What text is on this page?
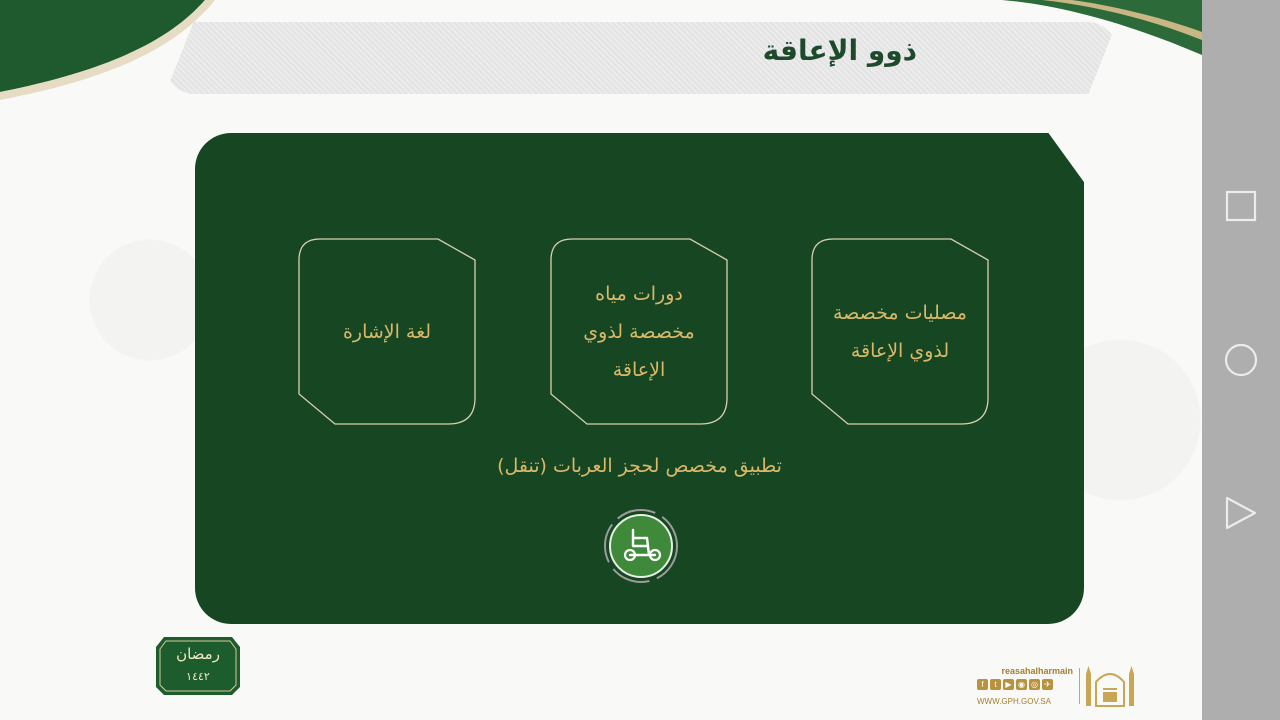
ذوو الإعاقة
مصليات مخصصة لذوي الإعاقة
دورات مياه مخصصة لذوي الإعاقة
لغة الإشارة
تطبيق مخصص لحجز العربات (تنقل)
رمضان
١٤٤٢	reasahalharmain
f	t	▶ ◉ ◎ ✈
WWW.GPH.GOV.SA
